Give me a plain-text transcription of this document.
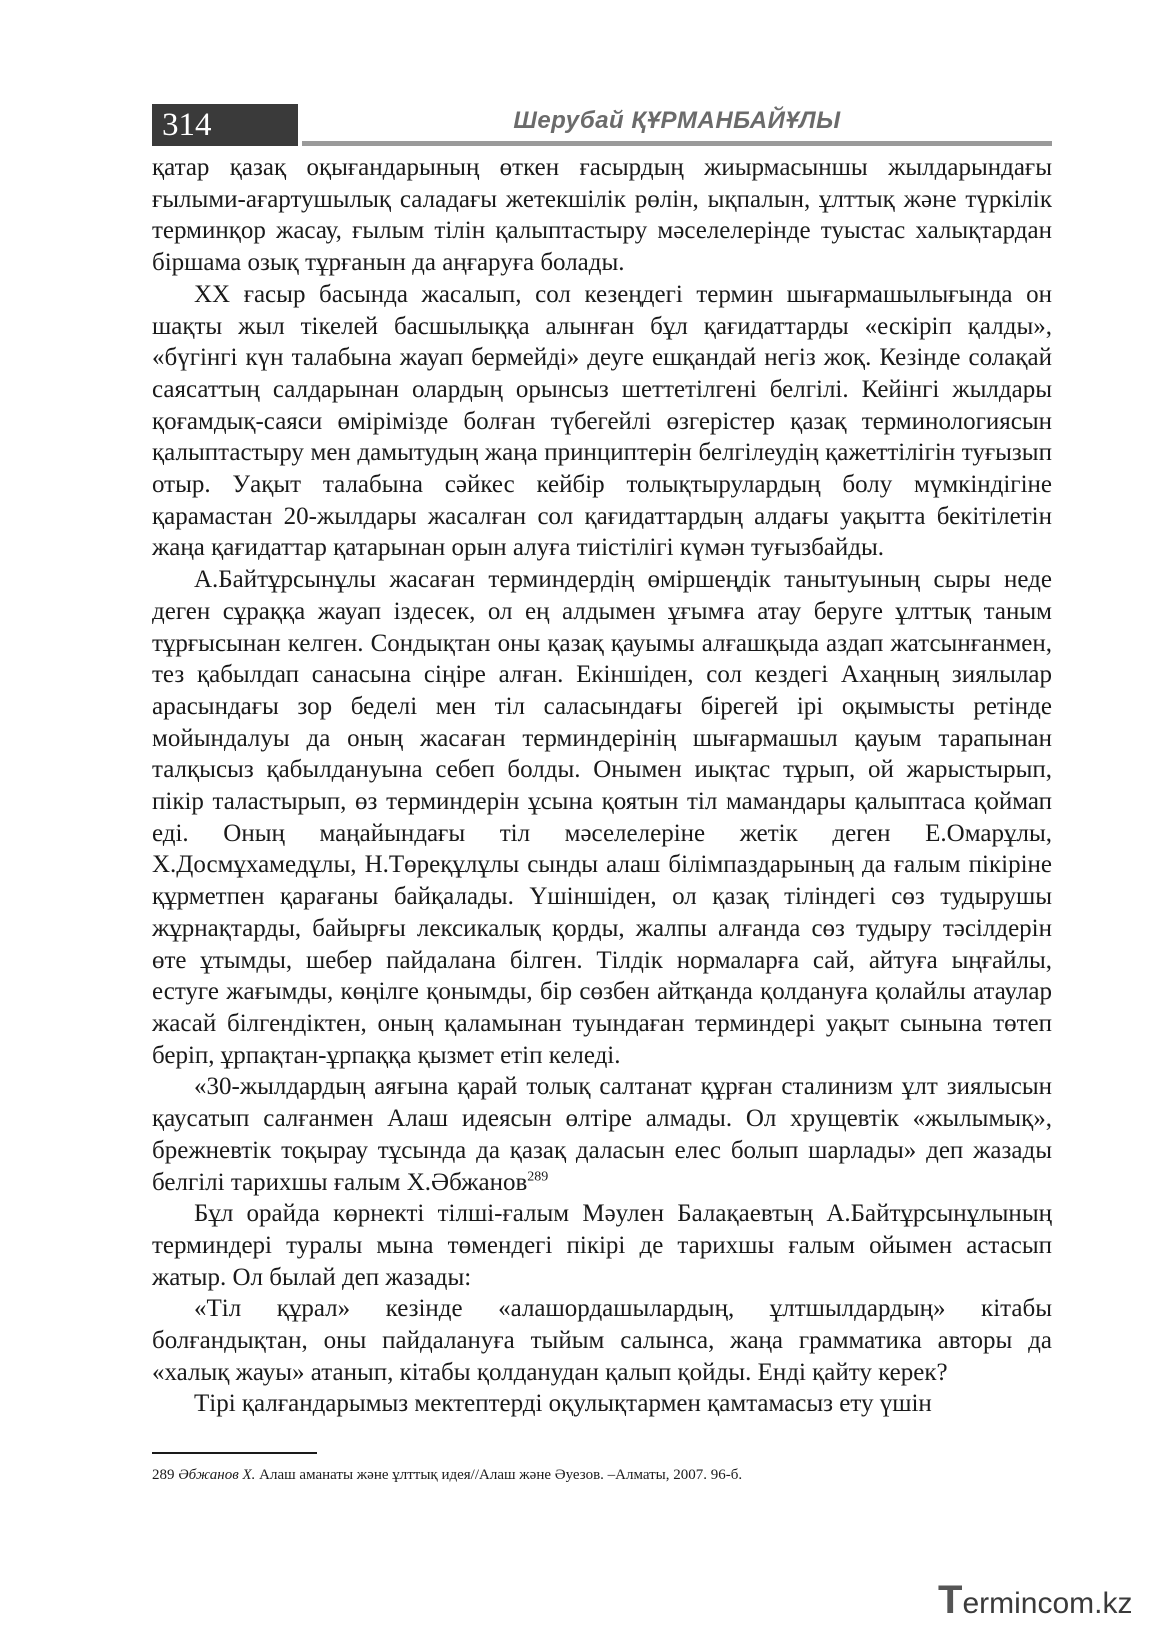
314	Шерубай ҚҰРМАНБАЙҰЛЫ

қатар қазақ оқығандарының өткен ғасырдың жиырмасыншы жылдарындағы ғылыми-ағартушылық саладағы жетекшілік рөлін, ықпалын, ұлттық және түркілік терминқор жасау, ғылым тілін қалыптастыру мәселелерінде туыстас халықтардан біршама озық тұрғанын да аңғаруға болады.

ХХ ғасыр басында жасалып, сол кезеңдегі термин шығармашылығында он шақты жыл тікелей басшылыққа алынған бұл қағидаттарды «ескіріп қалды», «бүгінгі күн талабына жауап бермейді» деуге ешқандай негіз жоқ. Кезінде солақай саясаттың салдарынан олардың орынсыз шеттетілгені белгілі. Кейінгі жылдары қоғамдық-саяси өмірімізде болған түбегейлі өзгерістер қазақ терминологиясын қалыптастыру мен дамытудың жаңа принциптерін белгілеудің қажеттілігін туғызып отыр. Уақыт талабына сәйкес кейбір толықтырулардың болу мүмкіндігіне қарамастан 20-жылдары жасалған сол қағидаттардың алдағы уақытта бекітілетін жаңа қағидаттар қатарынан орын алуға тиістілігі күмән туғызбайды.

А.Байтұрсынұлы жасаған терминдердің өміршеңдік танытуының сыры неде деген сұраққа жауап іздесек, ол ең алдымен ұғымға атау беруге ұлттық таным тұрғысынан келген. Сондықтан оны қазақ қауымы алғашқыда аздап жатсынғанмен, тез қабылдап санасына сіңіре алған. Екіншіден, сол кездегі Ахаңның зиялылар арасындағы зор беделі мен тіл саласындағы бірегей ірі оқымысты ретінде мойындалуы да оның жасаған терминдерінің шығармашыл қауым тарапынан талқысыз қабылдануына себеп болды. Онымен иықтас тұрып, ой жарыстырып, пікір таластырып, өз терминдерін ұсына қоятын тіл мамандары қалыптаса қоймап еді. Оның маңайындағы тіл мәселелеріне жетік деген Е.Омарұлы, Х.Досмұхамедұлы, Н.Төреқұлұлы сынды алаш білімпаздарының да ғалым пікіріне құрметпен қарағаны байқалады. Үшіншіден, ол қазақ тіліндегі сөз тудырушы жұрнақтарды, байырғы лексикалық қорды, жалпы алғанда сөз тудыру тәсілдерін өте ұтымды, шебер пайдалана білген. Тілдік нормаларға сай, айтуға ыңғайлы, естуге жағымды, көңілге қонымды, бір сөзбен айтқанда қолдануға қолайлы атаулар жасай білгендіктен, оның қаламынан туындаған терминдері уақыт сынына төтеп беріп, ұрпақтан-ұрпаққа қызмет етіп келеді.

«30-жылдардың аяғына қарай толық салтанат құрған сталинизм ұлт зиялысын қаусатып салғанмен Алаш идеясын өлтіре алмады. Ол хрущевтік «жылымық», брежневтік тоқырау тұсында да қазақ даласын елес болып шарлады» деп жазады белгілі тарихшы ғалым Х.Әбжанов$^{289}$

Бұл орайда көрнекті тілші-ғалым Мәулен Балақаевтың А.Байтұрсынұлының терминдері туралы мына төмендегі пікірі де тарихшы ғалым ойымен астасып жатыр. Ол былай деп жазады:

«Тіл құрал» кезінде «алашордашылардың, ұлтшылдардың» кітабы болғандықтан, оны пайдалануға тыйым салынса, жаңа грамматика авторы да «халық жауы» атанып, кітабы қолданудан қалып қойды. Енді қайту керек?

Тірі қалғандарымыз мектептерді оқулықтармен қамтамасыз ету үшін

289 Әбжанов Х. Алаш аманаты және ұлттық идея//Алаш және Әуезов. –Алматы, 2007. 96-б.
Termincom.kz
